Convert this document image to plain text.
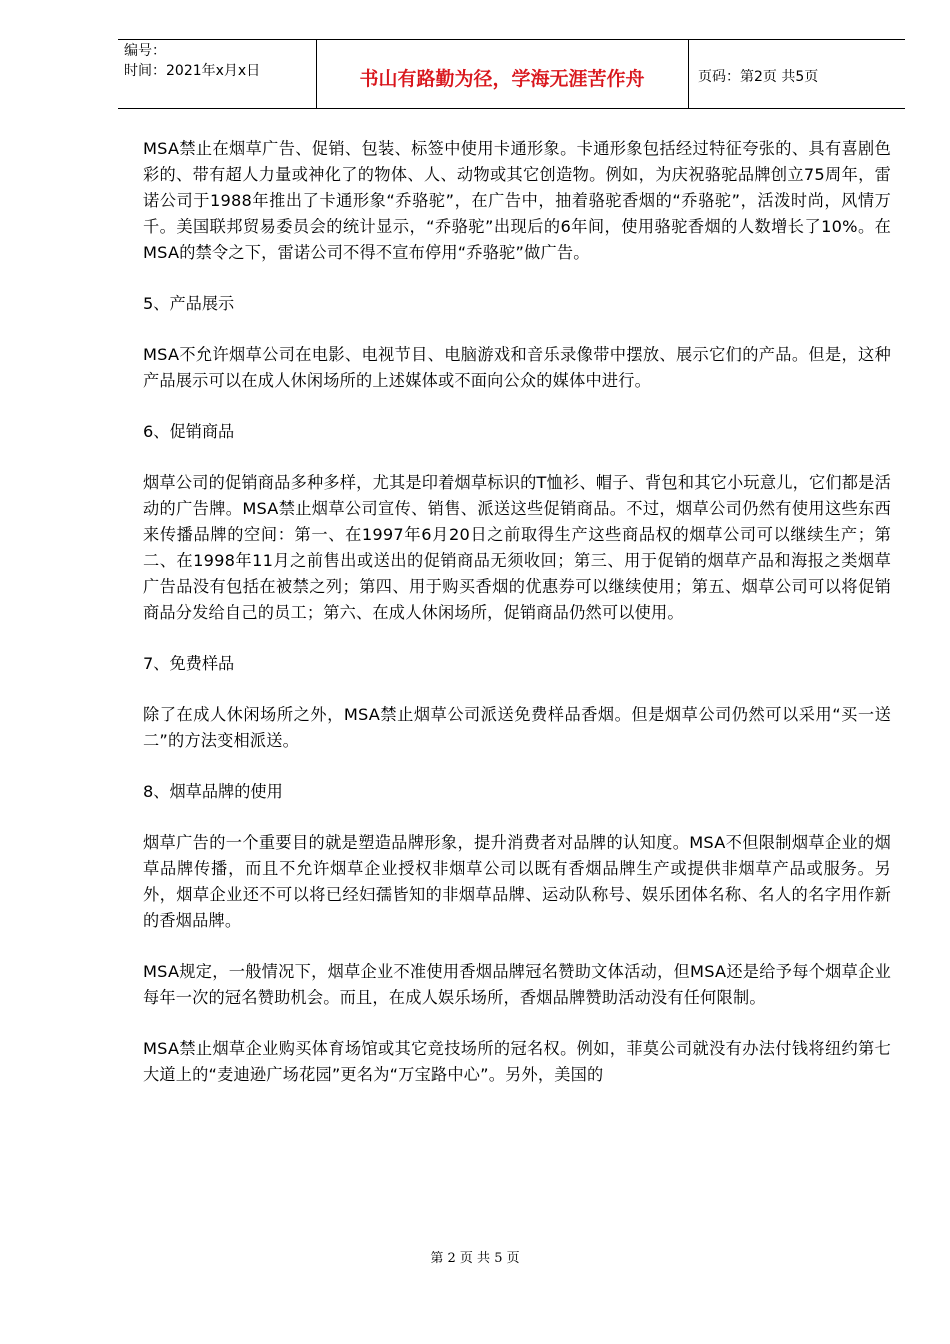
编号：
时间：2021年x月x日	书山有路勤为径，学海无涯苦作舟	页码：第2页 共5页

MSA禁止在烟草广告、促销、包装、标签中使用卡通形象。卡通形象包括经过特征夸张的、具有喜剧色彩的、带有超人力量或神化了的物体、人、动物或其它创造物。例如，为庆祝骆驼品牌创立75周年，雷诺公司于1988年推出了卡通形象“乔骆驼”，在广告中，抽着骆驼香烟的“乔骆驼”，活泼时尚，风情万千。美国联邦贸易委员会的统计显示，“乔骆驼”出现后的6年间，使用骆驼香烟的人数增长了10%。在MSA的禁令之下，雷诺公司不得不宣布停用“乔骆驼”做广告。

5、产品展示

MSA不允许烟草公司在电影、电视节目、电脑游戏和音乐录像带中摆放、展示它们的产品。但是，这种产品展示可以在成人休闲场所的上述媒体或不面向公众的媒体中进行。

6、促销商品

烟草公司的促销商品多种多样，尤其是印着烟草标识的T恤衫、帽子、背包和其它小玩意儿，它们都是活动的广告牌。MSA禁止烟草公司宣传、销售、派送这些促销商品。不过，烟草公司仍然有使用这些东西来传播品牌的空间：第一、在1997年6月20日之前取得生产这些商品权的烟草公司可以继续生产；第二、在1998年11月之前售出或送出的促销商品无须收回；第三、用于促销的烟草产品和海报之类烟草广告品没有包括在被禁之列；第四、用于购买香烟的优惠券可以继续使用；第五、烟草公司可以将促销商品分发给自己的员工；第六、在成人休闲场所，促销商品仍然可以使用。

7、免费样品

除了在成人休闲场所之外，MSA禁止烟草公司派送免费样品香烟。但是烟草公司仍然可以采用“买一送二”的方法变相派送。

8、烟草品牌的使用

烟草广告的一个重要目的就是塑造品牌形象，提升消费者对品牌的认知度。MSA不但限制烟草企业的烟草品牌传播，而且不允许烟草企业授权非烟草公司以既有香烟品牌生产或提供非烟草产品或服务。另外，烟草企业还不可以将已经妇孺皆知的非烟草品牌、运动队称号、娱乐团体名称、名人的名字用作新的香烟品牌。

MSA规定，一般情况下，烟草企业不准使用香烟品牌冠名赞助文体活动，但MSA还是给予每个烟草企业每年一次的冠名赞助机会。而且，在成人娱乐场所，香烟品牌赞助活动没有任何限制。

MSA禁止烟草企业购买体育场馆或其它竞技场所的冠名权。例如，菲莫公司就没有办法付钱将纽约第七大道上的“麦迪逊广场花园”更名为“万宝路中心”。另外，美国的

第 2 页 共 5 页
